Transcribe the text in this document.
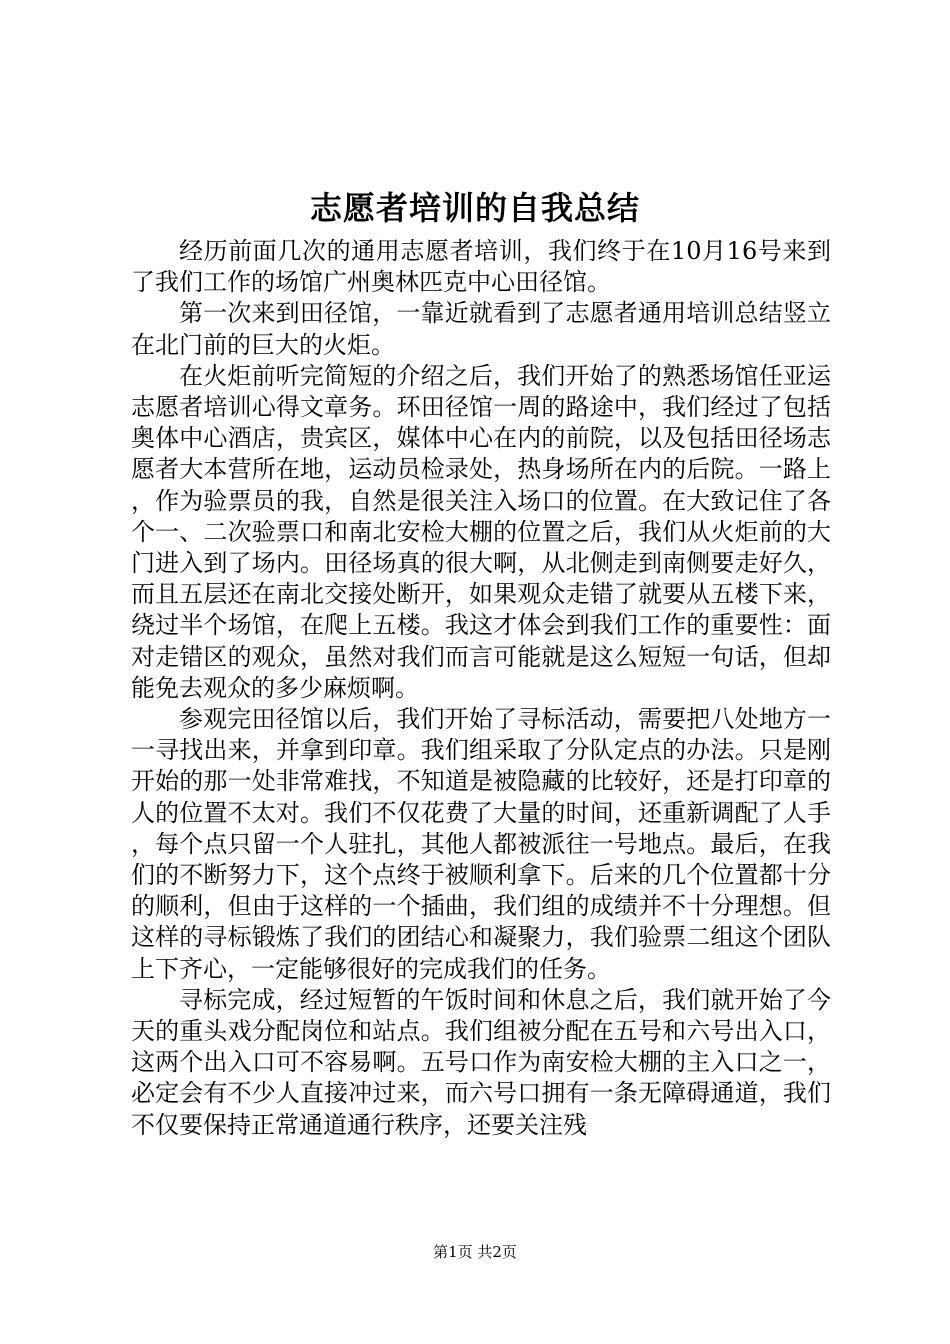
志愿者培训的自我总结

经历前面几次的通用志愿者培训，我们终于在10月16号来到了我们工作的场馆广州奥林匹克中心田径馆。

第一次来到田径馆，一靠近就看到了志愿者通用培训总结竖立在北门前的巨大的火炬。

在火炬前听完简短的介绍之后，我们开始了的熟悉场馆任亚运志愿者培训心得文章务。环田径馆一周的路途中，我们经过了包括奥体中心酒店，贵宾区，媒体中心在内的前院，以及包括田径场志愿者大本营所在地，运动员检录处，热身场所在内的后院。一路上，作为验票员的我，自然是很关注入场口的位置。在大致记住了各个一、二次验票口和南北安检大棚的位置之后，我们从火炬前的大门进入到了场内。田径场真的很大啊，从北侧走到南侧要走好久，而且五层还在南北交接处断开，如果观众走错了就要从五楼下来，绕过半个场馆，在爬上五楼。我这才体会到我们工作的重要性：面对走错区的观众，虽然对我们而言可能就是这么短短一句话，但却能免去观众的多少麻烦啊。

参观完田径馆以后，我们开始了寻标活动，需要把八处地方一一寻找出来，并拿到印章。我们组采取了分队定点的办法。只是刚开始的那一处非常难找，不知道是被隐藏的比较好，还是打印章的人的位置不太对。我们不仅花费了大量的时间，还重新调配了人手，每个点只留一个人驻扎，其他人都被派往一号地点。最后，在我们的不断努力下，这个点终于被顺利拿下。后来的几个位置都十分的顺利，但由于这样的一个插曲，我们组的成绩并不十分理想。但这样的寻标锻炼了我们的团结心和凝聚力，我们验票二组这个团队上下齐心，一定能够很好的完成我们的任务。

寻标完成，经过短暂的午饭时间和休息之后，我们就开始了今天的重头戏分配岗位和站点。我们组被分配在五号和六号出入口，这两个出入口可不容易啊。五号口作为南安检大棚的主入口之一，必定会有不少人直接冲过来，而六号口拥有一条无障碍通道，我们不仅要保持正常通道通行秩序，还要关注残

第1页 共2页
